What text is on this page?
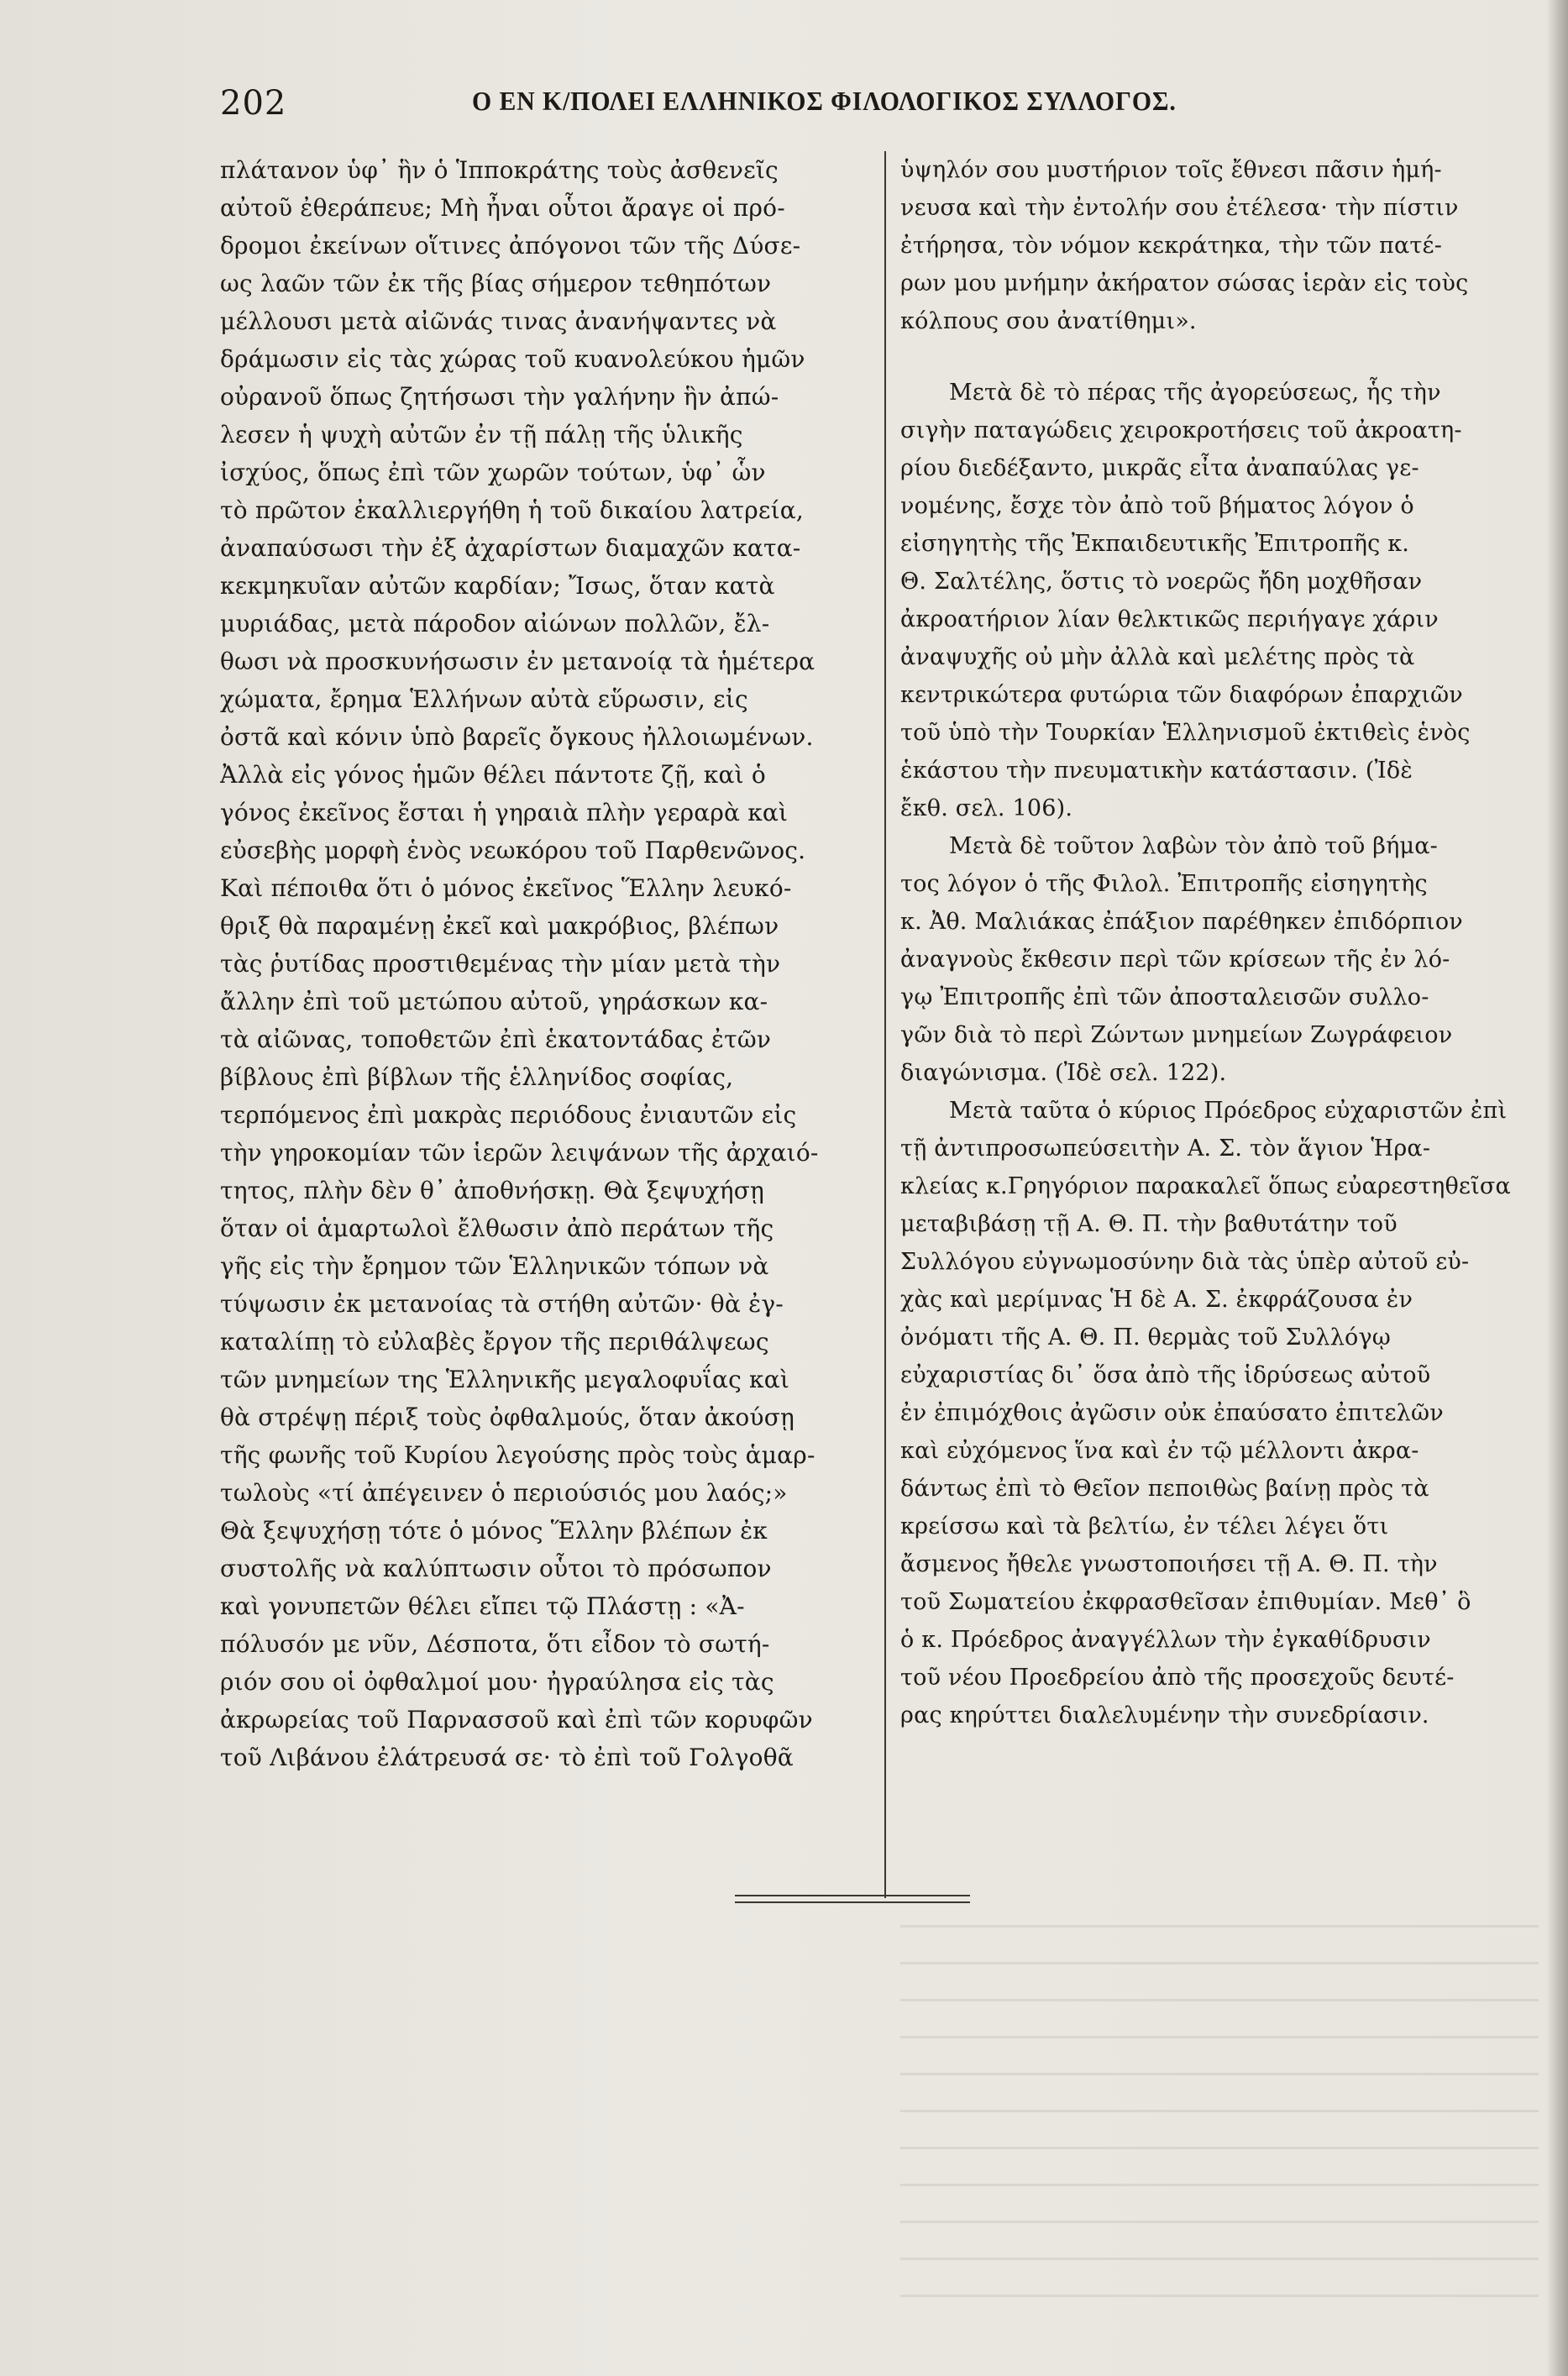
202	Ο ΕΝ Κ/ΠΟΛΕΙ ΕΛΛΗΝΙΚΟΣ ΦΙΛΟΛΟΓΙΚΟΣ ΣΥΛΛΟΓΟΣ.
πλάτανον ὑφ᾽ ἣν ὁ Ἱπποκράτης τοὺς ἀσθενεῖς
αὐτοῦ ἐθεράπευε; Μὴ ἦναι οὗτοι ἄραγε οἱ πρό-
δρομοι ἐκείνων οἵτινες ἀπόγονοι τῶν τῆς Δύσε-
ως λαῶν τῶν ἐκ τῆς βίας σήμερον τεθηπότων
μέλλουσι μετὰ αἰῶνάς τινας ἀνανήψαντες νὰ
δράμωσιν εἰς τὰς χώρας τοῦ κυανολεύκου ἡμῶν
οὐρανοῦ ὅπως ζητήσωσι τὴν γαλήνην ἣν ἀπώ-
λεσεν ἡ ψυχὴ αὐτῶν ἐν τῇ πάλῃ τῆς ὑλικῆς
ἰσχύος, ὅπως ἐπὶ τῶν χωρῶν τούτων, ὑφ᾽ ὧν
τὸ πρῶτον ἐκαλλιεργήθη ἡ τοῦ δικαίου λατρεία,
ἀναπαύσωσι τὴν ἐξ ἀχαρίστων διαμαχῶν κατα-
κεκμηκυῖαν αὐτῶν καρδίαν; Ἴσως, ὅταν κατὰ
μυριάδας, μετὰ πάροδον αἰώνων πολλῶν, ἔλ-
θωσι νὰ προσκυνήσωσιν ἐν μετανοίᾳ τὰ ἡμέτερα
χώματα, ἔρημα Ἑλλήνων αὐτὰ εὕρωσιν, εἰς
ὀστᾶ καὶ κόνιν ὑπὸ βαρεῖς ὄγκους ἠλλοιωμένων.
Ἀλλὰ εἰς γόνος ἡμῶν θέλει πάντοτε ζῇ, καὶ ὁ
γόνος ἐκεῖνος ἔσται ἡ γηραιὰ πλὴν γεραρὰ καὶ
εὐσεβὴς μορφὴ ἑνὸς νεωκόρου τοῦ Παρθενῶνος.
Καὶ πέποιθα ὅτι ὁ μόνος ἐκεῖνος Ἕλλην λευκό-
θριξ θὰ παραμένῃ ἐκεῖ καὶ μακρόβιος, βλέπων
τὰς ῥυτίδας προστιθεμένας τὴν μίαν μετὰ τὴν
ἄλλην ἐπὶ τοῦ μετώπου αὐτοῦ, γηράσκων κα-
τὰ αἰῶνας, τοποθετῶν ἐπὶ ἑκατοντάδας ἐτῶν
βίβλους ἐπὶ βίβλων τῆς ἑλληνίδος σοφίας,
τερπόμενος ἐπὶ μακρὰς περιόδους ἐνιαυτῶν εἰς
τὴν γηροκομίαν τῶν ἱερῶν λειψάνων τῆς ἀρχαιό-
τητος, πλὴν δὲν θ᾽ ἀποθνήσκῃ. Θὰ ξεψυχήσῃ
ὅταν οἱ ἁμαρτωλοὶ ἔλθωσιν ἀπὸ περάτων τῆς
γῆς εἰς τὴν ἔρημον τῶν Ἑλληνικῶν τόπων νὰ
τύψωσιν ἐκ μετανοίας τὰ στήθη αὐτῶν· θὰ ἐγ-
καταλίπῃ τὸ εὐλαβὲς ἔργον τῆς περιθάλψεως
τῶν μνημείων της Ἑλληνικῆς μεγαλοφυΐας καὶ
θὰ στρέψῃ πέριξ τοὺς ὀφθαλμούς, ὅταν ἀκούσῃ
τῆς φωνῆς τοῦ Κυρίου λεγούσης πρὸς τοὺς ἁμαρ-
τωλοὺς «τί ἀπέγεινεν ὁ περιούσιός μου λαός;»
Θὰ ξεψυχήσῃ τότε ὁ μόνος Ἕλλην βλέπων ἐκ
συστολῆς νὰ καλύπτωσιν οὗτοι τὸ πρόσωπον
καὶ γονυπετῶν θέλει εἴπει τῷ Πλάστῃ : «Ἀ-
πόλυσόν με νῦν, Δέσποτα, ὅτι εἶδον τὸ σωτή-
ριόν σου οἱ ὀφθαλμοί μου· ἠγραύλησα εἰς τὰς
ἀκρωρείας τοῦ Παρνασσοῦ καὶ ἐπὶ τῶν κορυφῶν
τοῦ Λιβάνου ἐλάτρευσά σε· τὸ ἐπὶ τοῦ Γολγοθᾶ
ὑψηλόν σου μυστήριον τοῖς ἔθνεσι πᾶσιν ἡμή-
νευσα καὶ τὴν ἐντολήν σου ἐτέλεσα· τὴν πίστιν
ἐτήρησα, τὸν νόμον κεκράτηκα, τὴν τῶν πατέ-
ρων μου μνήμην ἀκήρατον σώσας ἱερὰν εἰς τοὺς
κόλπους σου ἀνατίθημι».
Μετὰ δὲ τὸ πέρας τῆς ἀγορεύσεως, ἧς τὴν
σιγὴν παταγώδεις χειροκροτήσεις τοῦ ἀκροατη-
ρίου διεδέξαντο, μικρᾶς εἶτα ἀναπαύλας γε-
νομένης, ἔσχε τὸν ἀπὸ τοῦ βήματος λόγον ὁ
εἰσηγητὴς τῆς Ἐκπαιδευτικῆς Ἐπιτροπῆς κ.
Θ. Σαλτέλης, ὅστις τὸ νοερῶς ἤδη μοχθῆσαν
ἀκροατήριον λίαν θελκτικῶς περιήγαγε χάριν
ἀναψυχῆς οὐ μὴν ἀλλὰ καὶ μελέτης πρὸς τὰ
κεντρικώτερα φυτώρια τῶν διαφόρων ἐπαρχιῶν
τοῦ ὑπὸ τὴν Τουρκίαν Ἑλληνισμοῦ ἐκτιθεὶς ἑνὸς
ἑκάστου τὴν πνευματικὴν κατάστασιν. (Ἰδὲ
ἔκθ. σελ. 106).
Μετὰ δὲ τοῦτον λαβὼν τὸν ἀπὸ τοῦ βήμα-
τος λόγον ὁ τῆς Φιλολ. Ἐπιτροπῆς εἰσηγητὴς
κ. Ἀθ. Μαλιάκας ἐπάξιον παρέθηκεν ἐπιδόρπιον
ἀναγνοὺς ἔκθεσιν περὶ τῶν κρίσεων τῆς ἐν λό-
γῳ Ἐπιτροπῆς ἐπὶ τῶν ἀποσταλεισῶν συλλο-
γῶν διὰ τὸ περὶ Ζώντων μνημείων Ζωγράφειον
διαγώνισμα. (Ἰδὲ σελ. 122).
Μετὰ ταῦτα ὁ κύριος Πρόεδρος εὐχαριστῶν ἐπὶ
τῇ ἀντιπροσωπεύσειτὴν Α. Σ. τὸν ἅγιον Ἡρα-
κλείας κ.Γρηγόριον παρακαλεῖ ὅπως εὐαρεστηθεῖσα
μεταβιβάσῃ τῇ Α. Θ. Π. τὴν βαθυτάτην τοῦ
Συλλόγου εὐγνωμοσύνην διὰ τὰς ὑπὲρ αὐτοῦ εὐ-
χὰς καὶ μερίμνας Ἡ δὲ Α. Σ. ἐκφράζουσα ἐν
ὀνόματι τῆς Α. Θ. Π. θερμὰς τοῦ Συλλόγῳ
εὐχαριστίας δι᾽ ὅσα ἀπὸ τῆς ἱδρύσεως αὐτοῦ
ἐν ἐπιμόχθοις ἀγῶσιν οὐκ ἐπαύσατο ἐπιτελῶν
καὶ εὐχόμενος ἵνα καὶ ἐν τῷ μέλλοντι ἀκρα-
δάντως ἐπὶ τὸ Θεῖον πεποιθὼς βαίνῃ πρὸς τὰ
κρείσσω καὶ τὰ βελτίω, ἐν τέλει λέγει ὅτι
ἄσμενος ἤθελε γνωστοποιήσει τῇ Α. Θ. Π. τὴν
τοῦ Σωματείου ἐκφρασθεῖσαν ἐπιθυμίαν. Μεθ᾽ ὃ
ὁ κ. Πρόεδρος ἀναγγέλλων τὴν ἐγκαθίδρυσιν
τοῦ νέου Προεδρείου ἀπὸ τῆς προσεχοῦς δευτέ-
ρας κηρύττει διαλελυμένην τὴν συνεδρίασιν.
